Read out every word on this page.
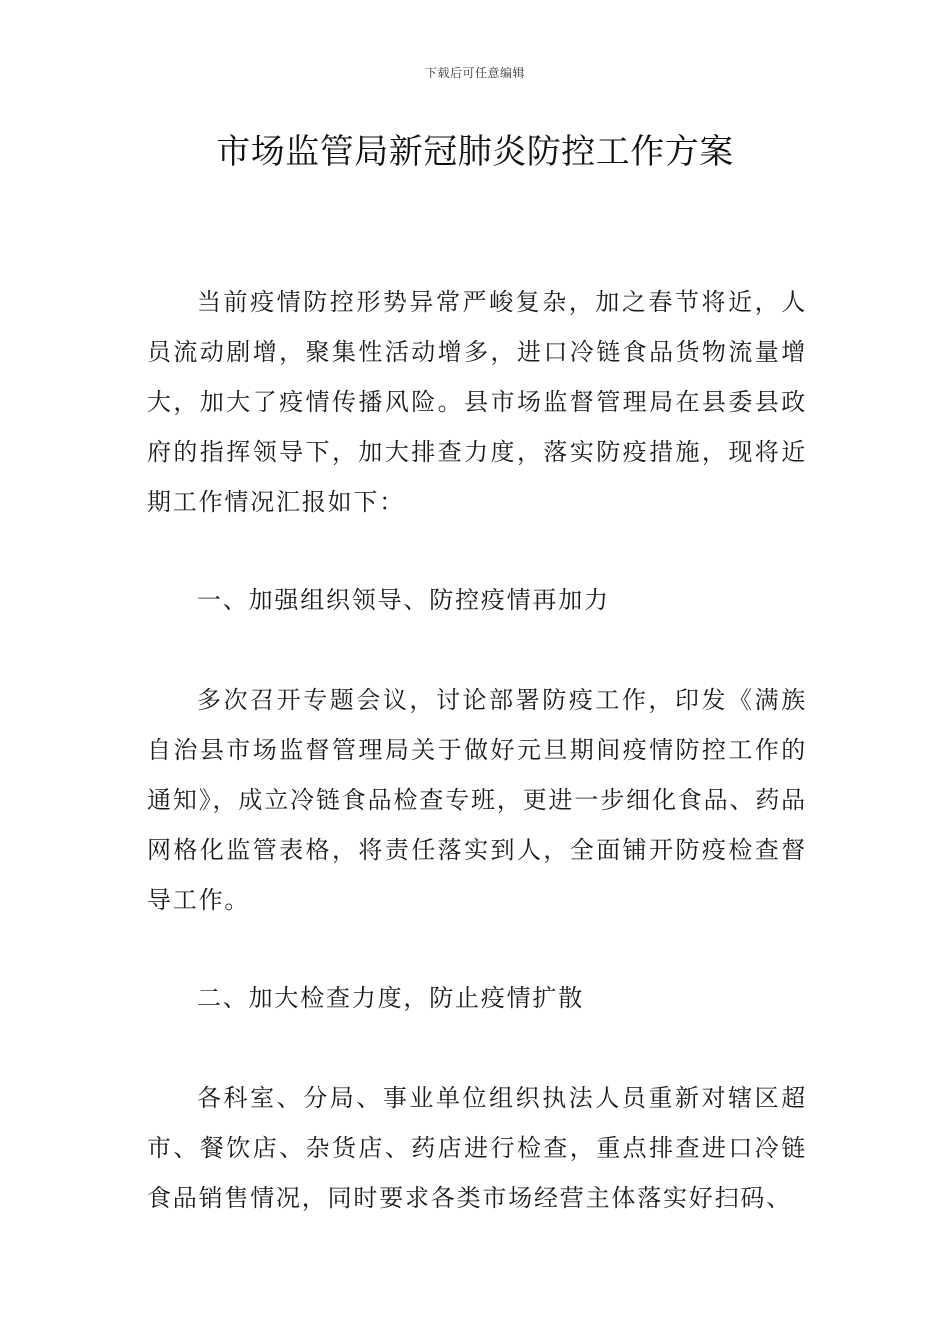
下载后可任意编辑
市场监管局新冠肺炎防控工作方案

当前疫情防控形势异常严峻复杂，加之春节将近，人员流动剧增，聚集性活动增多，进口冷链食品货物流量增大，加大了疫情传播风险。县市场监督管理局在县委县政府的指挥领导下，加大排查力度，落实防疫措施，现将近期工作情况汇报如下：

一、加强组织领导、防控疫情再加力

多次召开专题会议，讨论部署防疫工作，印发《满族自治县市场监督管理局关于做好元旦期间疫情防控工作的通知》，成立冷链食品检查专班，更进一步细化食品、药品网格化监管表格，将责任落实到人，全面铺开防疫检查督导工作。

二、加大检查力度，防止疫情扩散

各科室、分局、事业单位组织执法人员重新对辖区超市、餐饮店、杂货店、药店进行检查，重点排查进口冷链食品销售情况，同时要求各类市场经营主体落实好扫码、
